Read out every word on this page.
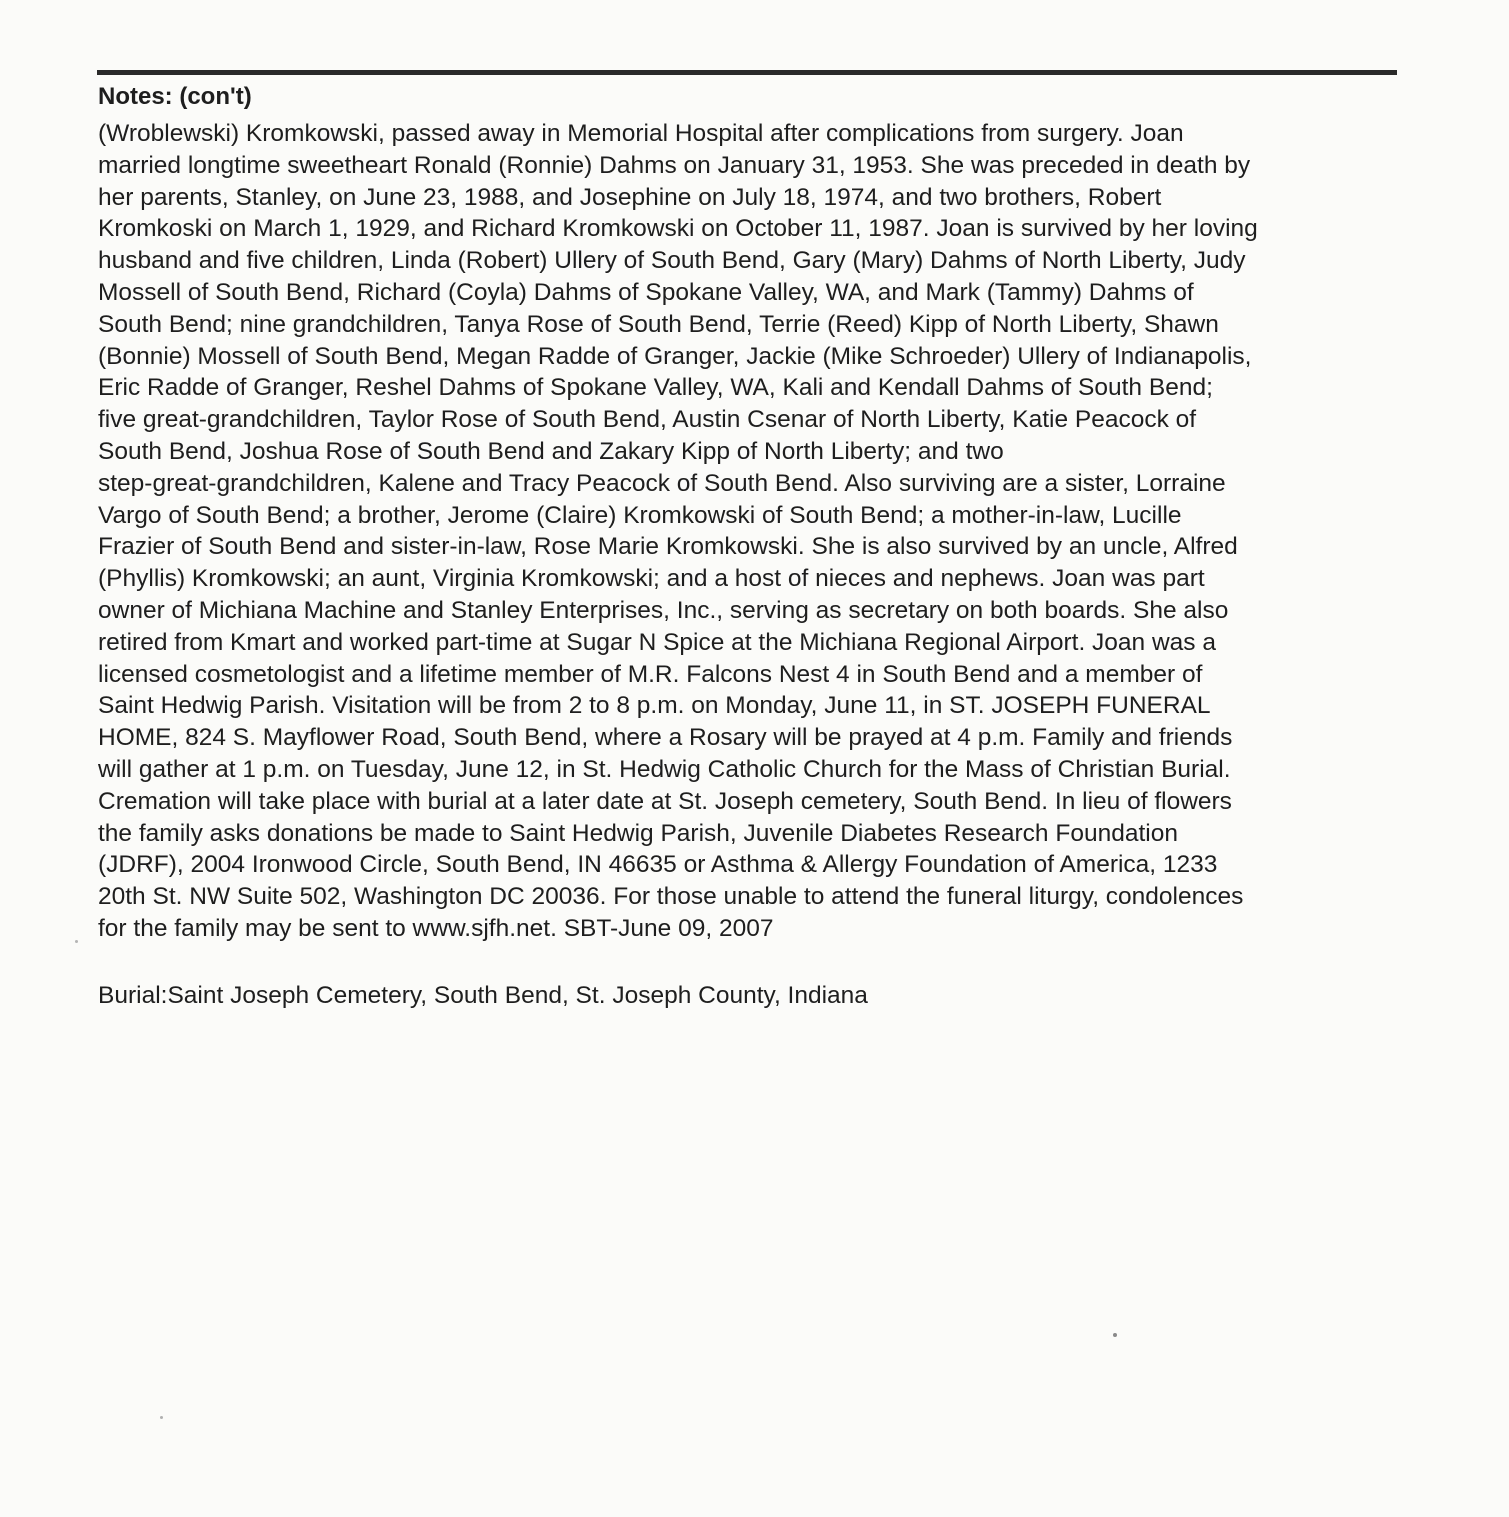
Notes: (con't)
(Wroblewski) Kromkowski, passed away in Memorial Hospital after complications from surgery. Joan
married longtime sweetheart Ronald (Ronnie) Dahms on January 31, 1953. She was preceded in death by
her parents, Stanley, on June 23, 1988, and Josephine on July 18, 1974, and two brothers, Robert
Kromkoski on March 1, 1929, and Richard Kromkowski on October 11, 1987. Joan is survived by her loving
husband and five children, Linda (Robert) Ullery of South Bend, Gary (Mary) Dahms of North Liberty, Judy
Mossell of South Bend, Richard (Coyla) Dahms of Spokane Valley, WA, and Mark (Tammy) Dahms of
South Bend; nine grandchildren, Tanya Rose of South Bend, Terrie (Reed) Kipp of North Liberty, Shawn
(Bonnie) Mossell of South Bend, Megan Radde of Granger, Jackie (Mike Schroeder) Ullery of Indianapolis,
Eric Radde of Granger, Reshel Dahms of Spokane Valley, WA, Kali and Kendall Dahms of South Bend;
five great-grandchildren, Taylor Rose of South Bend, Austin Csenar of North Liberty, Katie Peacock of
South Bend, Joshua Rose of South Bend and Zakary Kipp of North Liberty; and two
step-great-grandchildren, Kalene and Tracy Peacock of South Bend. Also surviving are a sister, Lorraine
Vargo of South Bend; a brother, Jerome (Claire) Kromkowski of South Bend; a mother-in-law, Lucille
Frazier of South Bend and sister-in-law, Rose Marie Kromkowski. She is also survived by an uncle, Alfred
(Phyllis) Kromkowski; an aunt, Virginia Kromkowski; and a host of nieces and nephews. Joan was part
owner of Michiana Machine and Stanley Enterprises, Inc., serving as secretary on both boards. She also
retired from Kmart and worked part-time at Sugar N Spice at the Michiana Regional Airport. Joan was a
licensed cosmetologist and a lifetime member of M.R. Falcons Nest 4 in South Bend and a member of
Saint Hedwig Parish. Visitation will be from 2 to 8 p.m. on Monday, June 11, in ST. JOSEPH FUNERAL
HOME, 824 S. Mayflower Road, South Bend, where a Rosary will be prayed at 4 p.m. Family and friends
will gather at 1 p.m. on Tuesday, June 12, in St. Hedwig Catholic Church for the Mass of Christian Burial.
Cremation will take place with burial at a later date at St. Joseph cemetery, South Bend. In lieu of flowers
the family asks donations be made to Saint Hedwig Parish, Juvenile Diabetes Research Foundation
(JDRF), 2004 Ironwood Circle, South Bend, IN 46635 or Asthma & Allergy Foundation of America, 1233
20th St. NW Suite 502, Washington DC 20036. For those unable to attend the funeral liturgy, condolences
for the family may be sent to www.sjfh.net. SBT-June 09, 2007

Burial:Saint Joseph Cemetery, South Bend, St. Joseph County, Indiana
